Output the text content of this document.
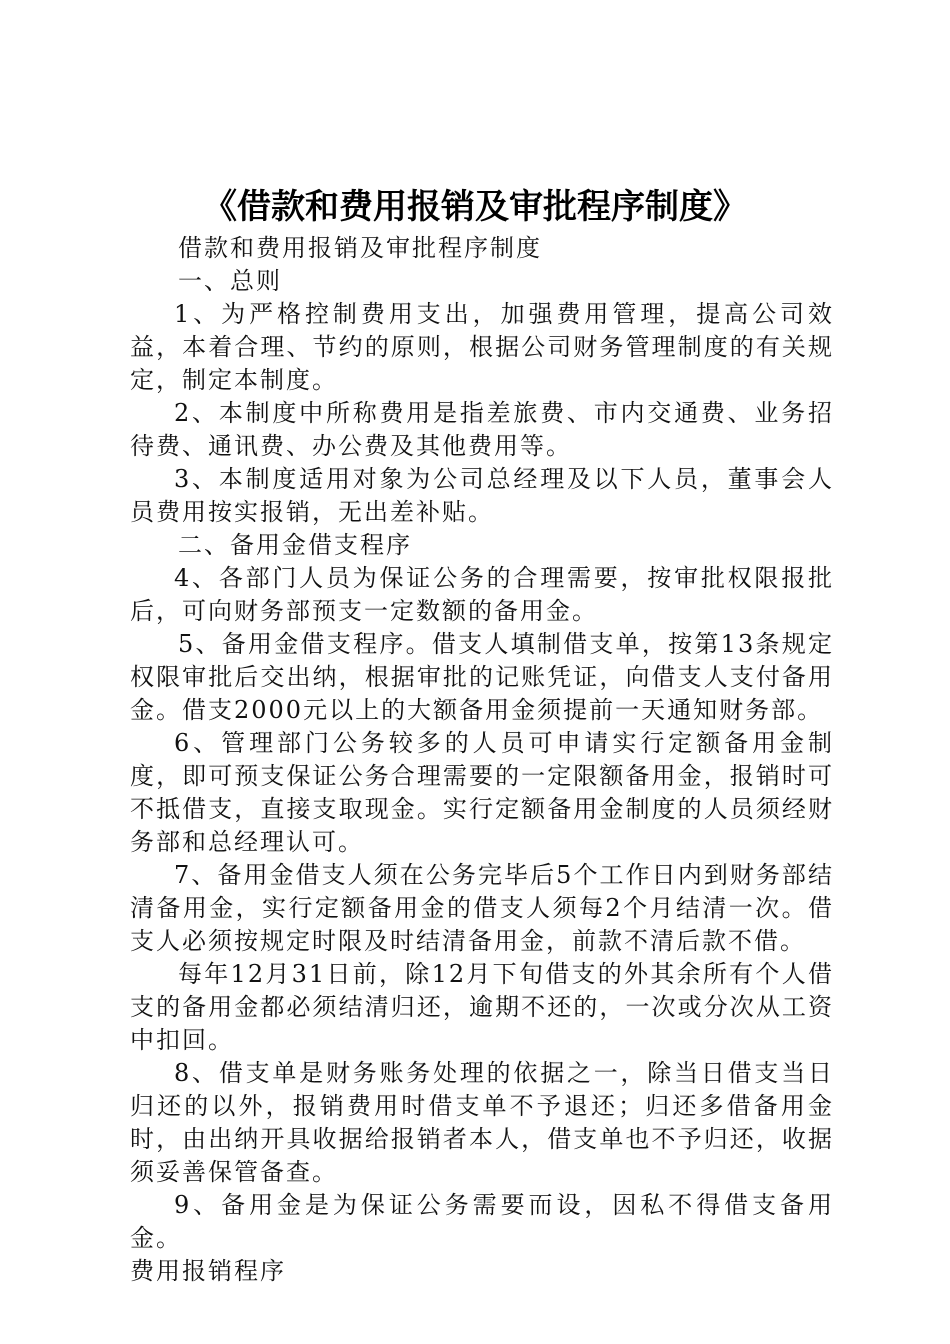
《借款和费用报销及审批程序制度》

借款和费用报销及审批程序制度

一、总则

1、为严格控制费用支出，加强费用管理，提高公司效益，本着合理、节约的原则，根据公司财务管理制度的有关规定，制定本制度。

2、本制度中所称费用是指差旅费、市内交通费、业务招待费、通讯费、办公费及其他费用等。

3、本制度适用对象为公司总经理及以下人员，董事会人员费用按实报销，无出差补贴。

二、备用金借支程序

4、各部门人员为保证公务的合理需要，按审批权限报批后，可向财务部预支一定数额的备用金。

5、备用金借支程序。借支人填制借支单，按第13条规定权限审批后交出纳，根据审批的记账凭证，向借支人支付备用金。借支2000元以上的大额备用金须提前一天通知财务部。

6、管理部门公务较多的人员可申请实行定额备用金制度，即可预支保证公务合理需要的一定限额备用金，报销时可不抵借支，直接支取现金。实行定额备用金制度的人员须经财务部和总经理认可。

7、备用金借支人须在公务完毕后5个工作日内到财务部结清备用金，实行定额备用金的借支人须每2个月结清一次。借支人必须按规定时限及时结清备用金，前款不清后款不借。

每年12月31日前，除12月下旬借支的外其余所有个人借支的备用金都必须结清归还，逾期不还的，一次或分次从工资中扣回。

8、借支单是财务账务处理的依据之一，除当日借支当日归还的以外，报销费用时借支单不予退还；归还多借备用金时，由出纳开具收据给报销者本人，借支单也不予归还，收据须妥善保管备查。

9、备用金是为保证公务需要而设，因私不得借支备用金。

费用报销程序
